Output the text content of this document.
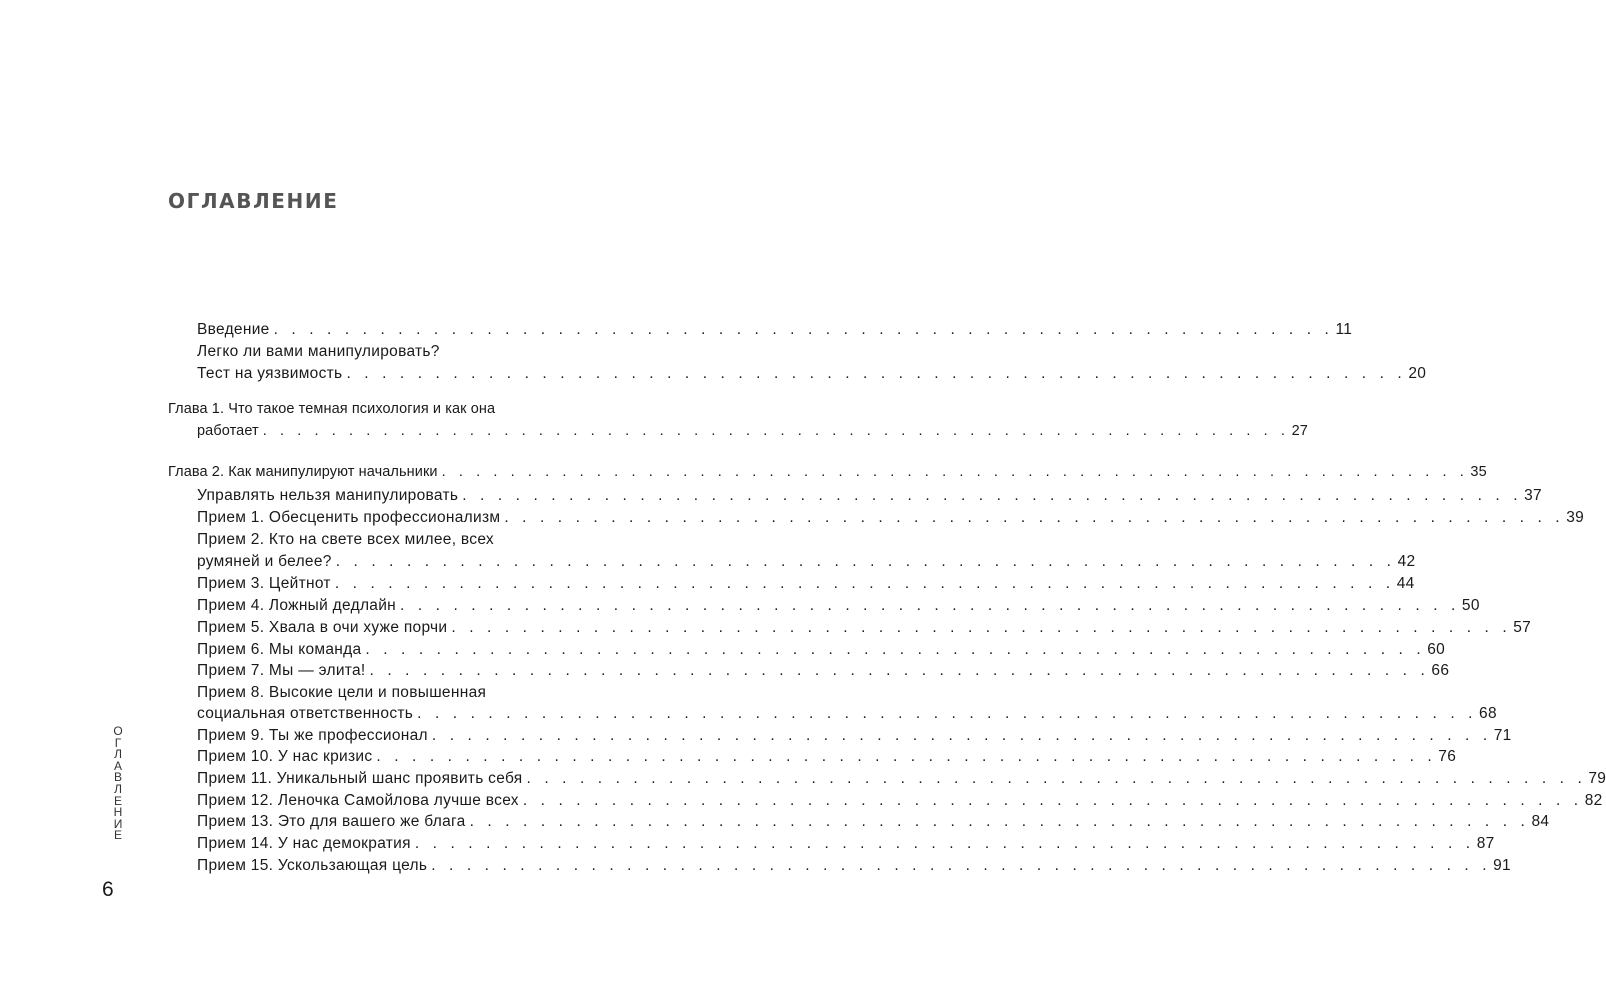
ОГЛАВЛЕНИЕ
Введение . . . . . . . . . . . . . . . . . . . . . . . . . . . . . . . . . . . . . . . . . . . . . . . . . . . . . . . . . . . . 11
Легко ли вами манипулировать?
Тест на уязвимость . . . . . . . . . . . . . . . . . . . . . . . . . . . . . . . . . . . . . . . . . . . . . . . . . . . . . . . . . . . . 20
Глава 1. Что такое темная психология и как она
работает . . . . . . . . . . . . . . . . . . . . . . . . . . . . . . . . . . . . . . . . . . . . . . . . . . . . . . . . . . . . 27
Глава 2. Как манипулируют начальники . . . . . . . . . . . . . . . . . . . . . . . . . . . . . . . . . . . . . . . . . . . . . . . . . . . . . . . . . . . . 35
Управлять нельзя манипулировать . . . . . . . . . . . . . . . . . . . . . . . . . . . . . . . . . . . . . . . . . . . . . . . . . . . . . . . . . . . . 37
Прием 1. Обесценить профессионализм . . . . . . . . . . . . . . . . . . . . . . . . . . . . . . . . . . . . . . . . . . . . . . . . . . . . . . . . . . . . 39
Прием 2. Кто на свете всех милее, всех
румяней и белее? . . . . . . . . . . . . . . . . . . . . . . . . . . . . . . . . . . . . . . . . . . . . . . . . . . . . . . . . . . . . 42
Прием 3. Цейтнот . . . . . . . . . . . . . . . . . . . . . . . . . . . . . . . . . . . . . . . . . . . . . . . . . . . . . . . . . . . . 44
Прием 4. Ложный дедлайн . . . . . . . . . . . . . . . . . . . . . . . . . . . . . . . . . . . . . . . . . . . . . . . . . . . . . . . . . . . . 50
Прием 5. Хвала в очи хуже порчи . . . . . . . . . . . . . . . . . . . . . . . . . . . . . . . . . . . . . . . . . . . . . . . . . . . . . . . . . . . . 57
Прием 6. Мы команда . . . . . . . . . . . . . . . . . . . . . . . . . . . . . . . . . . . . . . . . . . . . . . . . . . . . . . . . . . . . 60
Прием 7. Мы — элита! . . . . . . . . . . . . . . . . . . . . . . . . . . . . . . . . . . . . . . . . . . . . . . . . . . . . . . . . . . . . 66
Прием 8. Высокие цели и повышенная
социальная ответственность . . . . . . . . . . . . . . . . . . . . . . . . . . . . . . . . . . . . . . . . . . . . . . . . . . . . . . . . . . . . 68
Прием 9. Ты же профессионал . . . . . . . . . . . . . . . . . . . . . . . . . . . . . . . . . . . . . . . . . . . . . . . . . . . . . . . . . . . . 71
Прием 10. У нас кризис . . . . . . . . . . . . . . . . . . . . . . . . . . . . . . . . . . . . . . . . . . . . . . . . . . . . . . . . . . . . 76
Прием 11. Уникальный шанс проявить себя . . . . . . . . . . . . . . . . . . . . . . . . . . . . . . . . . . . . . . . . . . . . . . . . . . . . . . . . . . . . 79
Прием 12. Леночка Самойлова лучше всех . . . . . . . . . . . . . . . . . . . . . . . . . . . . . . . . . . . . . . . . . . . . . . . . . . . . . . . . . . . . 82
Прием 13. Это для вашего же блага . . . . . . . . . . . . . . . . . . . . . . . . . . . . . . . . . . . . . . . . . . . . . . . . . . . . . . . . . . . . 84
Прием 14. У нас демократия . . . . . . . . . . . . . . . . . . . . . . . . . . . . . . . . . . . . . . . . . . . . . . . . . . . . . . . . . . . . 87
Прием 15. Ускользающая цель . . . . . . . . . . . . . . . . . . . . . . . . . . . . . . . . . . . . . . . . . . . . . . . . . . . . . . . . . . . . 91
О
Г
Л
А
В
Л
Е
Н
И
Е
6
